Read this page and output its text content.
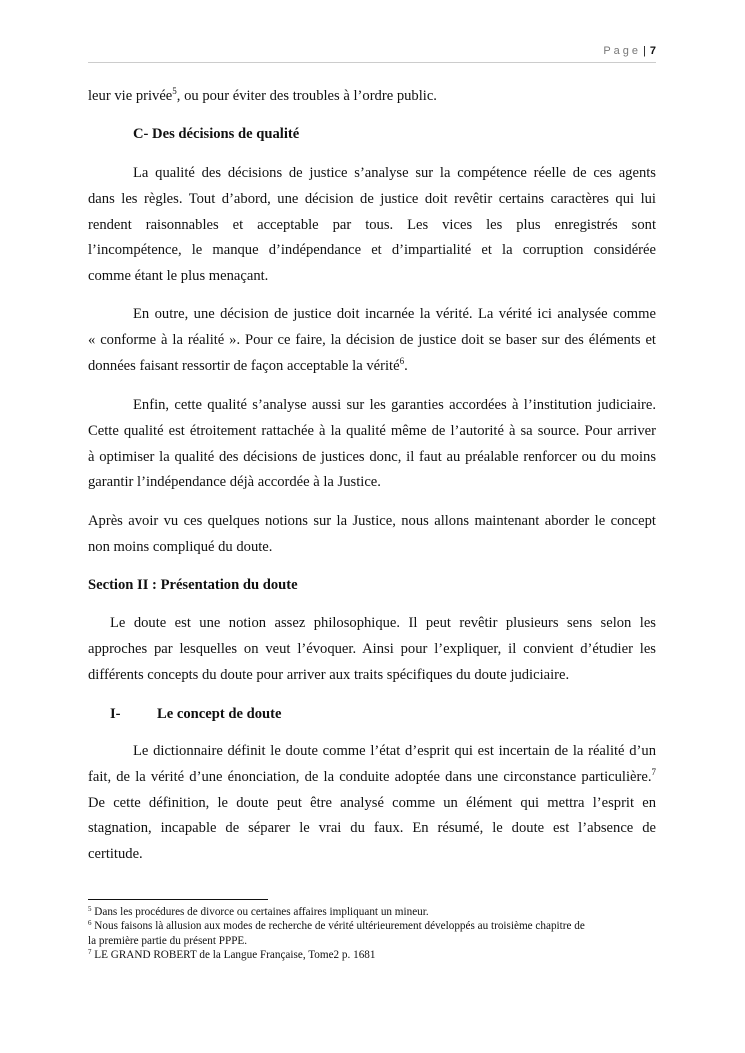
Page | 7
leur vie privée$^5$, ou pour éviter des troubles à l’ordre public.
C- Des décisions de qualité
La qualité des décisions de justice s’analyse sur la compétence réelle de ces agents
dans les règles. Tout d’abord, une décision de justice doit revêtir certains caractères qui lui
rendent raisonnables et acceptable par tous. Les vices les plus enregistrés sont
l’incompétence, le manque d’indépendance et d’impartialité et la corruption considérée
comme étant le plus menaçant.
En outre, une décision de justice doit incarnée la vérité. La vérité ici analysée comme
« conforme à la réalité ». Pour ce faire, la décision de justice doit se baser sur des éléments et
données faisant ressortir de façon acceptable la vérité$^6$.
Enfin, cette qualité s’analyse aussi sur les garanties accordées à l’institution judiciaire.
Cette qualité est étroitement rattachée à la qualité même de l’autorité à sa source. Pour arriver
à optimiser la qualité des décisions de justices donc, il faut au préalable renforcer ou du moins
garantir l’indépendance déjà accordée à la Justice.
Après avoir vu ces quelques notions sur la Justice, nous allons maintenant aborder le concept
non moins compliqué du doute.
Section II : Présentation du doute
Le doute est une notion assez philosophique. Il peut revêtir plusieurs sens selon les
approches par lesquelles on veut l’évoquer. Ainsi pour l’expliquer, il convient d’étudier les
différents concepts du doute pour arriver aux traits spécifiques du doute judiciaire.
I- Le concept de doute
Le dictionnaire définit le doute comme l’état d’esprit qui est incertain de la réalité d’un
fait, de la vérité d’une énonciation, de la conduite adoptée dans une circonstance particulière.$^7$
De cette définition, le doute peut être analysé comme un élément qui mettra l’esprit en
stagnation, incapable de séparer le vrai du faux. En résumé, le doute est l’absence de
certitude.
$^5$ Dans les procédures de divorce ou certaines affaires impliquant un mineur.
$^6$ Nous faisons là allusion aux modes de recherche de vérité ultérieurement développés au troisième chapitre de
la première partie du présent PPPE.
$^7$ LE GRAND ROBERT de la Langue Française, Tome2 p. 1681
